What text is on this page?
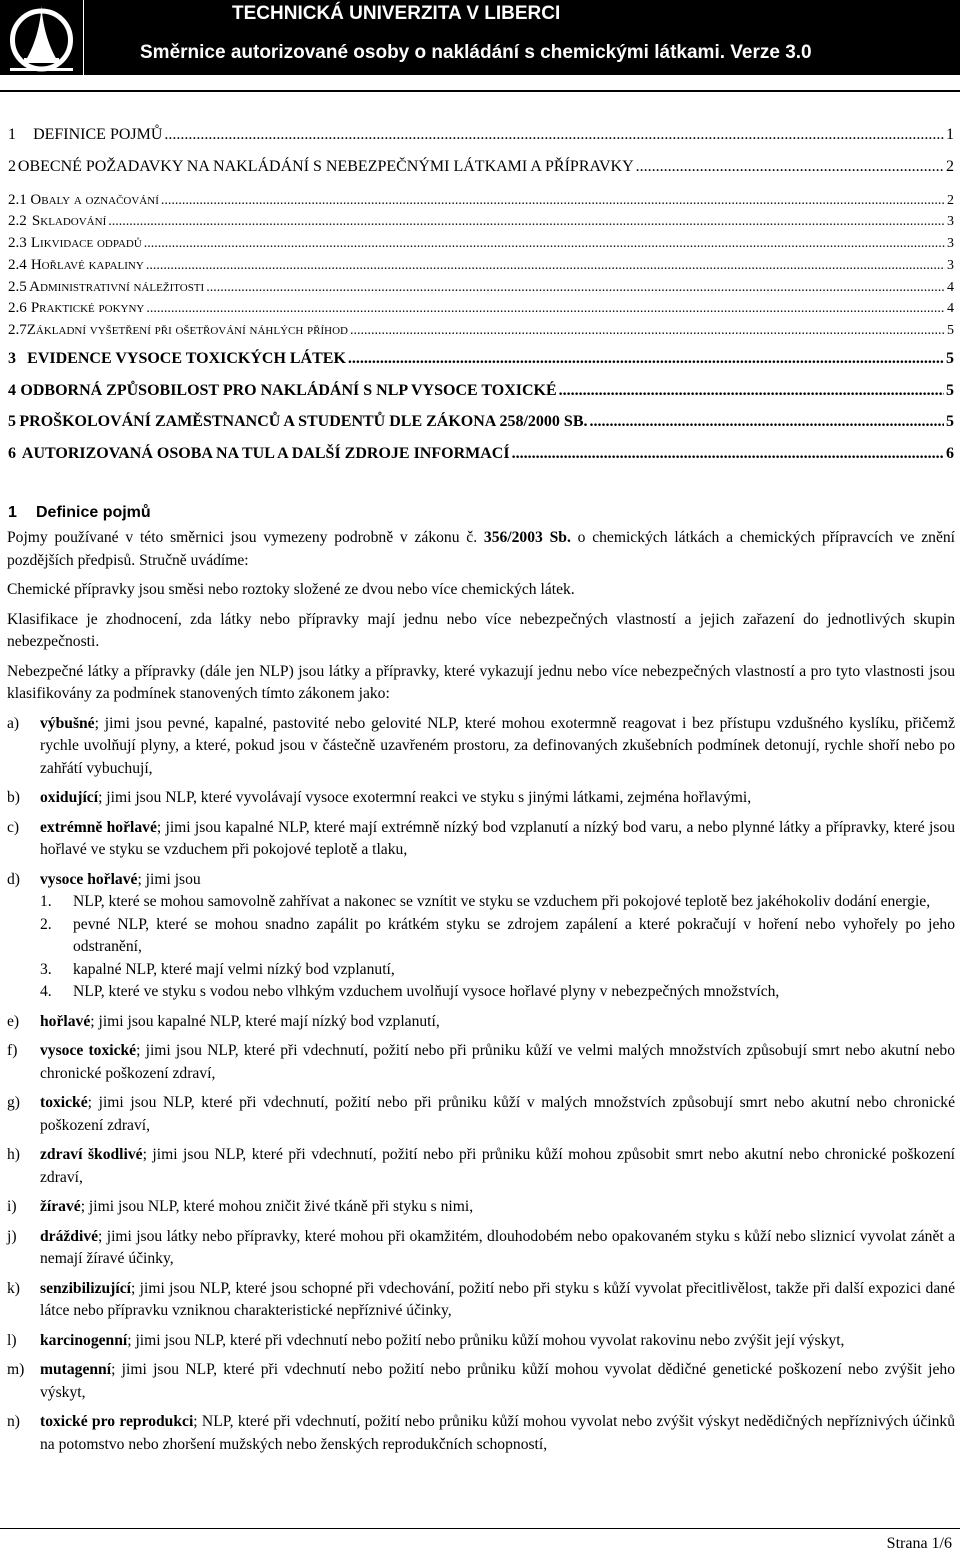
TECHNICKÁ UNIVERZITA V LIBERCI
Směrnice autorizované osoby o nakládání s chemickými látkami. Verze 3.0
1	DEFINICE POJMŮ .....	1
2 OBECNÉ POŽADAVKY NA NAKLÁDÁNÍ S NEBEZPEČNÝMI LÁTKAMI A PŘÍPRAVKY .....	2
2.1 Obaly a označování .....	2
2.2 Skladování .....	3
2.3 Likvidace odpadů .....	3
2.4 Hořlavé kapaliny .....	3
2.5 Administrativní náležitosti .....	4
2.6 Praktické pokyny .....	4
2.7 Základní vyšetření při ošetřování náhlých příhod .....	5
3 EVIDENCE VYSOCE TOXICKÝCH LÁTEK .....	5
4 ODBORNÁ ZPŮSOBILOST PRO NAKLÁDÁNÍ S NLP VYSOCE TOXICKÉ .....	5
5 PROŠKOLOVÁNÍ ZAMĚSTNANCŮ A STUDENTŮ DLE ZÁKONA 258/2000 SB. .....	5
6 AUTORIZOVANÁ OSOBA NA TUL A DALŠÍ ZDROJE INFORMACÍ .....	6
1 Definice pojmů

Pojmy používané v této směrnici jsou vymezeny podrobně v zákonu č. 356/2003 Sb. o chemických látkách a chemických přípravcích ve znění pozdějších předpisů. Stručně uvádíme:

Chemické přípravky jsou směsi nebo roztoky složené ze dvou nebo více chemických látek.

Klasifikace je zhodnocení, zda látky nebo přípravky mají jednu nebo více nebezpečných vlastností a jejich zařazení do jednotlivých skupin nebezpečnosti.

Nebezpečné látky a přípravky (dále jen NLP) jsou látky a přípravky, které vykazují jednu nebo více nebezpečných vlastností a pro tyto vlastnosti jsou klasifikovány za podmínek stanovených tímto zákonem jako:

a) výbušné; jimi jsou pevné, kapalné, pastovité nebo gelovité NLP, které mohou exotermně reagovat i bez přístupu vzdušného kyslíku, přičemž rychle uvolňují plyny, a které, pokud jsou v částečně uzavřeném prostoru, za definovaných zkušebních podmínek detonují, rychle shoří nebo po zahřátí vybuchují,
b) oxidující; jimi jsou NLP, které vyvolávají vysoce exotermní reakci ve styku s jinými látkami, zejména hořlavými,
c) extrémně hořlavé; jimi jsou kapalné NLP, které mají extrémně nízký bod vzplanutí a nízký bod varu, a nebo plynné látky a přípravky, které jsou hořlavé ve styku se vzduchem při pokojové teplotě a tlaku,
d) vysoce hořlavé; jimi jsou
1. NLP, které se mohou samovolně zahřívat a nakonec se vznítit ve styku se vzduchem při pokojové teplotě bez jakéhokoliv dodání energie,
2. pevné NLP, které se mohou snadno zapálit po krátkém styku se zdrojem zapálení a které pokračují v hoření nebo vyhořely po jeho odstranění,
3. kapalné NLP, které mají velmi nízký bod vzplanutí,
4. NLP, které ve styku s vodou nebo vlhkým vzduchem uvolňují vysoce hořlavé plyny v nebezpečných množstvích,
e) hořlavé; jimi jsou kapalné NLP, které mají nízký bod vzplanutí,
f) vysoce toxické; jimi jsou NLP, které při vdechnutí, požití nebo při průniku kůží ve velmi malých množstvích způsobují smrt nebo akutní nebo chronické poškození zdraví,
g) toxické; jimi jsou NLP, které při vdechnutí, požití nebo při průniku kůží v malých množstvích způsobují smrt nebo akutní nebo chronické poškození zdraví,
h) zdraví škodlivé; jimi jsou NLP, které při vdechnutí, požití nebo při průniku kůží mohou způsobit smrt nebo akutní nebo chronické poškození zdraví,
i) žíravé; jimi jsou NLP, které mohou zničit živé tkáně při styku s nimi,
j) dráždivé; jimi jsou látky nebo přípravky, které mohou při okamžitém, dlouhodobém nebo opakovaném styku s kůží nebo sliznicí vyvolat zánět a nemají žíravé účinky,
k) senzibilizující; jimi jsou NLP, které jsou schopné při vdechování, požití nebo při styku s kůží vyvolat přecitlivělost, takže při další expozici dané látce nebo přípravku vzniknou charakteristické nepříznivé účinky,
l) karcinogenní; jimi jsou NLP, které při vdechnutí nebo požití nebo průniku kůží mohou vyvolat rakovinu nebo zvýšit její výskyt,
m) mutagenní; jimi jsou NLP, které při vdechnutí nebo požití nebo průniku kůží mohou vyvolat dědičné genetické poškození nebo zvýšit jeho výskyt,
n) toxické pro reprodukci; NLP, které při vdechnutí, požití nebo průniku kůží mohou vyvolat nebo zvýšit výskyt nedědičných nepříznivých účinků na potomstvo nebo zhoršení mužských nebo ženských reprodukčních schopností,
Strana 1/6
